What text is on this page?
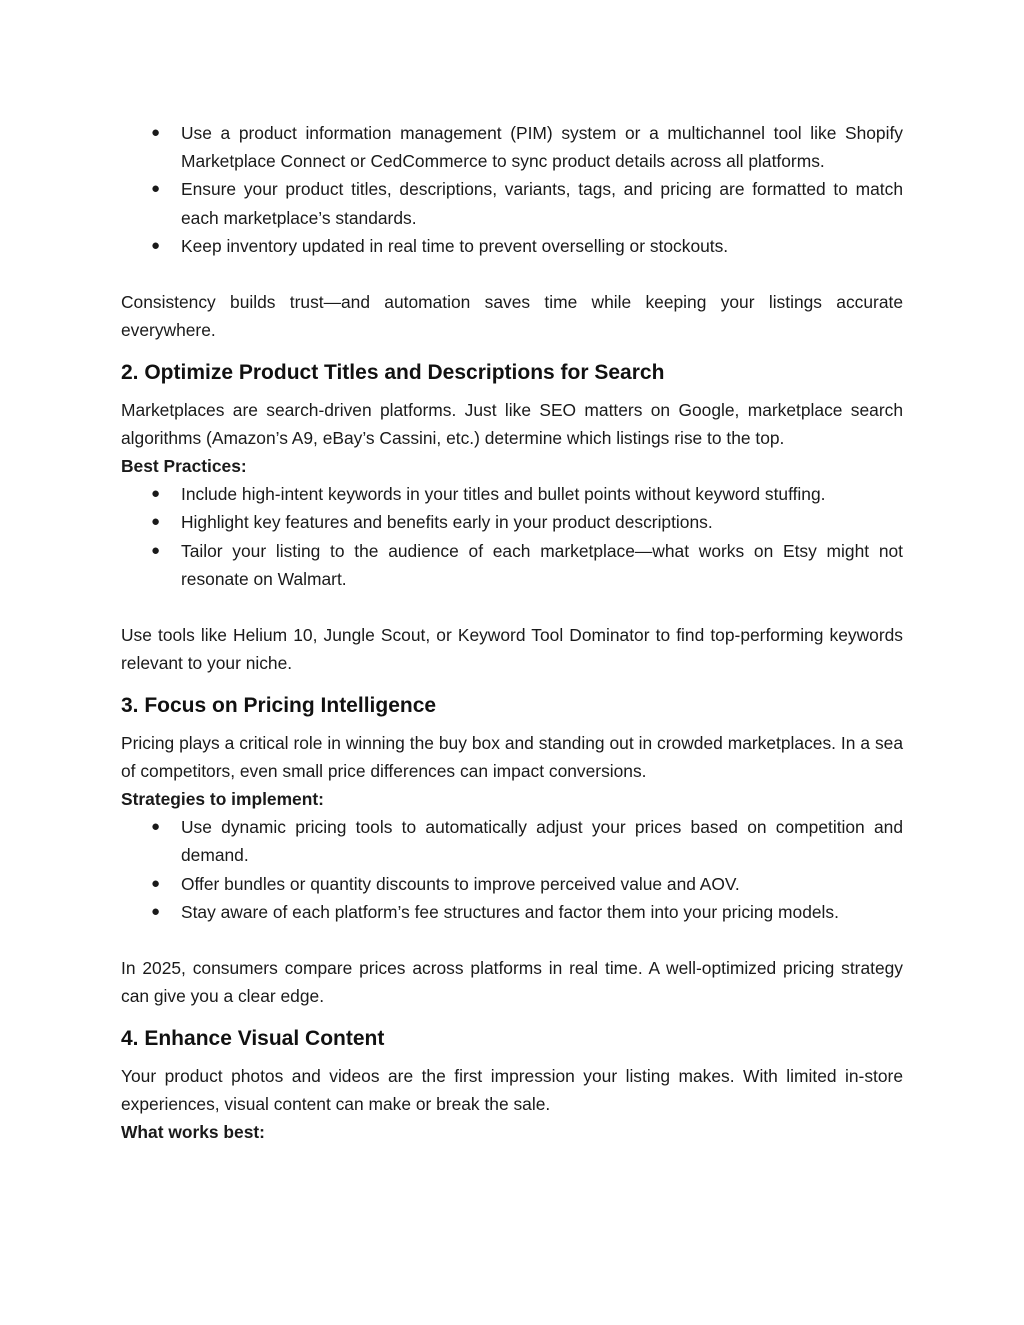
●	Use a product information management (PIM) system or a multichannel tool like Shopify Marketplace Connect or CedCommerce to sync product details across all platforms.
●	Ensure your product titles, descriptions, variants, tags, and pricing are formatted to match each marketplace’s standards.
●	Keep inventory updated in real time to prevent overselling or stockouts.

Consistency builds trust—and automation saves time while keeping your listings accurate everywhere.

2. Optimize Product Titles and Descriptions for Search

Marketplaces are search-driven platforms. Just like SEO matters on Google, marketplace search algorithms (Amazon’s A9, eBay’s Cassini, etc.) determine which listings rise to the top.

Best Practices:

●	Include high-intent keywords in your titles and bullet points without keyword stuffing.
●	Highlight key features and benefits early in your product descriptions.
●	Tailor your listing to the audience of each marketplace—what works on Etsy might not resonate on Walmart.

Use tools like Helium 10, Jungle Scout, or Keyword Tool Dominator to find top-performing keywords relevant to your niche.

3. Focus on Pricing Intelligence

Pricing plays a critical role in winning the buy box and standing out in crowded marketplaces. In a sea of competitors, even small price differences can impact conversions.

Strategies to implement:

●	Use dynamic pricing tools to automatically adjust your prices based on competition and demand.
●	Offer bundles or quantity discounts to improve perceived value and AOV.
●	Stay aware of each platform’s fee structures and factor them into your pricing models.

In 2025, consumers compare prices across platforms in real time. A well-optimized pricing strategy can give you a clear edge.

4. Enhance Visual Content

Your product photos and videos are the first impression your listing makes. With limited in-store experiences, visual content can make or break the sale.

What works best:
